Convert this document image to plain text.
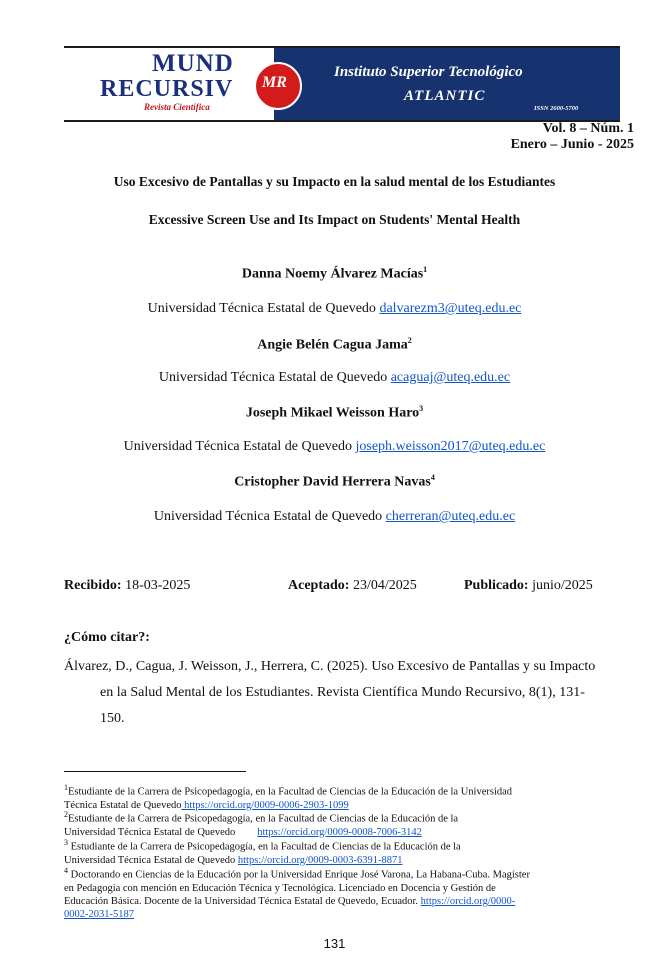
MUND
RECURSIV
Revista Científica
MR
Instituto Superior Tecnológico
ATLANTIC
ISSN 2600-5700
Vol. 8 – Núm. 1
Enero – Junio - 2025
Uso Excesivo de Pantallas y su Impacto en la salud mental de los Estudiantes
Excessive Screen Use and Its Impact on Students' Mental Health
Danna Noemy Álvarez Macías$^1$
Universidad Técnica Estatal de Quevedo dalvarezm3@uteq.edu.ec
Angie Belén Cagua Jama$^2$
Universidad Técnica Estatal de Quevedo acaguaj@uteq.edu.ec
Joseph Mikael Weisson Haro$^3$
Universidad Técnica Estatal de Quevedo joseph.weisson2017@uteq.edu.ec
Cristopher David Herrera Navas$^4$
Universidad Técnica Estatal de Quevedo cherreran@uteq.edu.ec
Recibido: 18-03-2025	Aceptado: 23/04/2025	Publicado: junio/2025
¿Cómo citar?:
Álvarez, D., Cagua, J. Weisson, J., Herrera, C. (2025). Uso Excesivo de Pantallas y su Impacto
en la Salud Mental de los Estudiantes. Revista Científica Mundo Recursivo, 8(1), 131-
150.
$^1$Estudiante de la Carrera de Psicopedagogía, en la Facultad de Ciencias de la Educación de la Universidad
Técnica Estatal de Quevedo https://orcid.org/0009-0006-2903-1099
$^2$Estudiante de la Carrera de Psicopedagogía, en la Facultad de Ciencias de la Educación de la
Universidad Técnica Estatal de Quevedo https://orcid.org/0009-0008-7006-3142
$^3$ Estudiante de la Carrera de Psicopedagogía, en la Facultad de Ciencias de la Educación de la
Universidad Técnica Estatal de Quevedo https://orcid.org/0009-0003-6391-8871
$^4$ Doctorando en Ciencias de la Educación por la Universidad Enrique José Varona, La Habana-Cuba. Magíster
en Pedagogía con mención en Educación Técnica y Tecnológica. Licenciado en Docencia y Gestión de
Educación Básica. Docente de la Universidad Técnica Estatal de Quevedo, Ecuador. https://orcid.org/0000-
0002-2031-5187
131
